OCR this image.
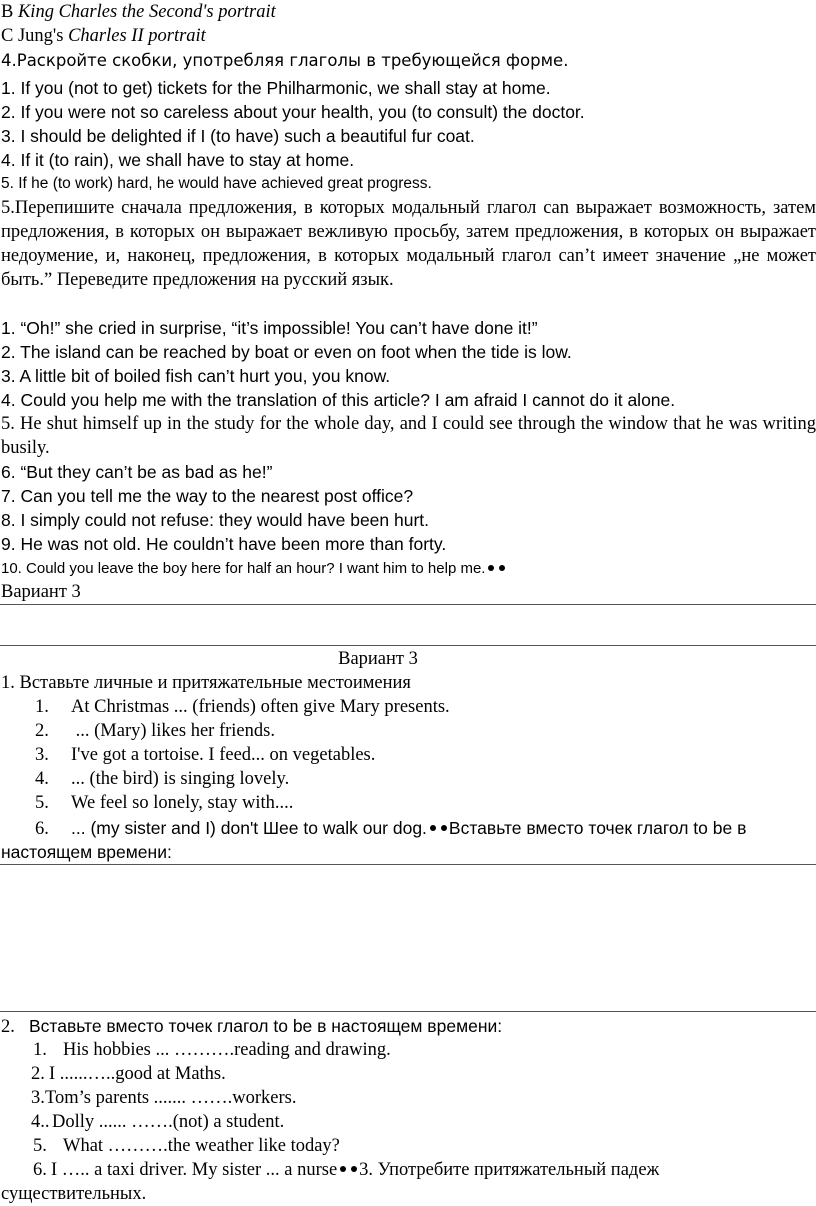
B King Charles the Second's portrait
C Jung's Charles II portrait
4.Раскройте скобки, употребляя глаголы в требующейся форме.
1. If you (not to get) tickets for the Philharmonic, we shall stay at home.
2. If you were not so careless about your health, you (to consult) the doctor.
3. I should be delighted if I (to have) such a beautiful fur coat.
4. If it (to rain), we shall have to stay at home.
5. If he (to work) hard, he would have achieved great progress.
5.Перепишите сначала предложения, в которых модальный глагол can выражает возможность, затем предложения, в которых он выражает вежливую просьбу, затем предложения, в которых он выражает недоумение, и, наконец, предложения, в которых модальный глагол can’t имеет значение „не может быть.” Переведите предложения на русский язык.
1. “Oh!” she cried in surprise, “it’s impossible! You can’t have done it!”
2. The island can be reached by boat or even on foot when the tide is low.
3. A little bit of boiled fish can’t hurt you, you know.
4. Could you help me with the translation of this article? I am afraid I cannot do it alone.
5. He shut himself up in the study for the whole day, and I could see through the window that he was writing busily.
6. “But they can’t be as bad as he!”
7. Can you tell me the way to the nearest post office?
8. I simply could not refuse: they would have been hurt.
9. He was not old. He couldn’t have been more than forty.
10. Could you leave the boy here for half an hour? I want him to help me.
Вариант 3
Вариант 3
1. Вставьте личные и притяжательные местоимения
1. At Christmas ... (friends) often give Mary presents.
2. ... (Mary) likes her friends.
3. I've got a tortoise. I feed... on vegetables.
4. ... (the bird) is singing lovely.
5. We feel so lonely, stay with....
6. ... (my sister and I) don't Шее to walk our dog. Вставьте вместо точек глагол to be в
настоящем времени:
2. Вставьте вместо точек глагол to be в настоящем времени:
1. His hobbies ... ……….reading and drawing.
2. I ......…..good at Maths.
3.Tom’s parents ....... …….workers.
4.. Dolly ...... …….(not) a student.
5. What ……….the weather like today?
6. I ….. a taxi driver. My sister ... a nurse 3. Употребите притяжательный падеж
существительных.
